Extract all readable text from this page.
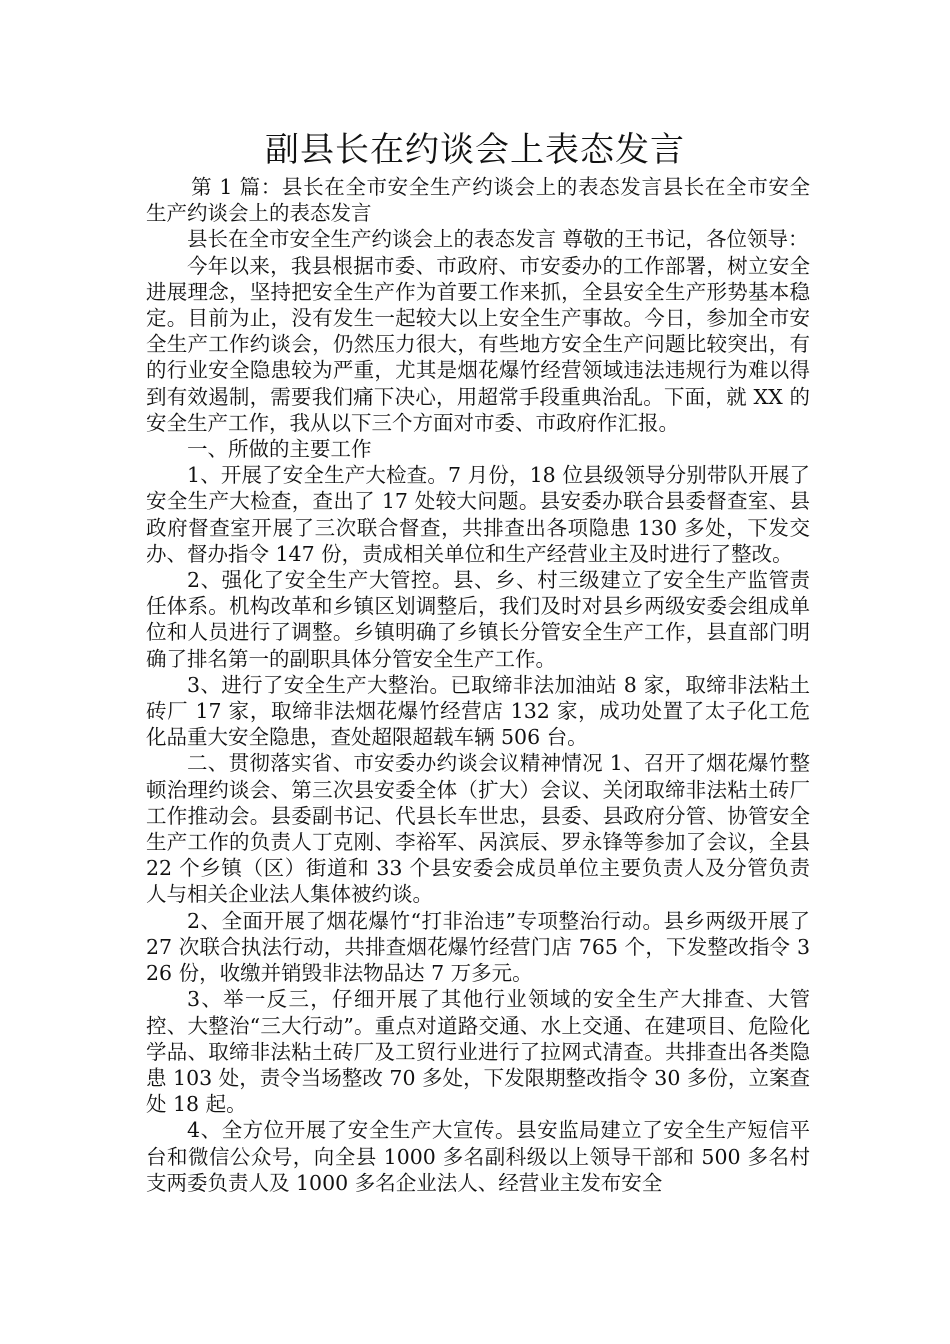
副县长在约谈会上表态发言

第 1 篇：县长在全市安全生产约谈会上的表态发言县长在全市安全生产约谈会上的表态发言

县长在全市安全生产约谈会上的表态发言 尊敬的王书记，各位领导：

今年以来，我县根据市委、市政府、市安委办的工作部署，树立安全进展理念，坚持把安全生产作为首要工作来抓，全县安全生产形势基本稳定。目前为止，没有发生一起较大以上安全生产事故。今日，参加全市安全生产工作约谈会，仍然压力很大，有些地方安全生产问题比较突出，有的行业安全隐患较为严重，尤其是烟花爆竹经营领域违法违规行为难以得到有效遏制，需要我们痛下决心，用超常手段重典治乱。下面，就 XX 的安全生产工作，我从以下三个方面对市委、市政府作汇报。

一、所做的主要工作

1、开展了安全生产大检查。7 月份，18 位县级领导分别带队开展了安全生产大检查，查出了 17 处较大问题。县安委办联合县委督查室、县政府督查室开展了三次联合督查，共排查出各项隐患 130 多处，下发交办、督办指令 147 份，责成相关单位和生产经营业主及时进行了整改。

2、强化了安全生产大管控。县、乡、村三级建立了安全生产监管责任体系。机构改革和乡镇区划调整后，我们及时对县乡两级安委会组成单位和人员进行了调整。乡镇明确了乡镇长分管安全生产工作，县直部门明确了排名第一的副职具体分管安全生产工作。

3、进行了安全生产大整治。已取缔非法加油站 8 家，取缔非法粘土砖厂 17 家，取缔非法烟花爆竹经营店 132 家，成功处置了太子化工危化品重大安全隐患，查处超限超载车辆 506 台。

二、贯彻落实省、市安委办约谈会议精神情况 1、召开了烟花爆竹整顿治理约谈会、第三次县安委全体（扩大）会议、关闭取缔非法粘土砖厂工作推动会。县委副书记、代县长车世忠，县委、县政府分管、协管安全生产工作的负责人丁克刚、李裕军、呙滨辰、罗永锋等参加了会议，全县 22 个乡镇（区）街道和 33 个县安委会成员单位主要负责人及分管负责人与相关企业法人集体被约谈。

2、全面开展了烟花爆竹“打非治违”专项整治行动。县乡两级开展了 27 次联合执法行动，共排查烟花爆竹经营门店 765 个，下发整改指令 326 份，收缴并销毁非法物品达 7 万多元。

3、举一反三，仔细开展了其他行业领域的安全生产大排查、大管控、大整治“三大行动”。重点对道路交通、水上交通、在建项目、危险化学品、取缔非法粘土砖厂及工贸行业进行了拉网式清查。共排查出各类隐患 103 处，责令当场整改 70 多处，下发限期整改指令 30 多份，立案查处 18 起。

4、全方位开展了安全生产大宣传。县安监局建立了安全生产短信平台和微信公众号，向全县 1000 多名副科级以上领导干部和 500 多名村支两委负责人及 1000 多名企业法人、经营业主发布安全
